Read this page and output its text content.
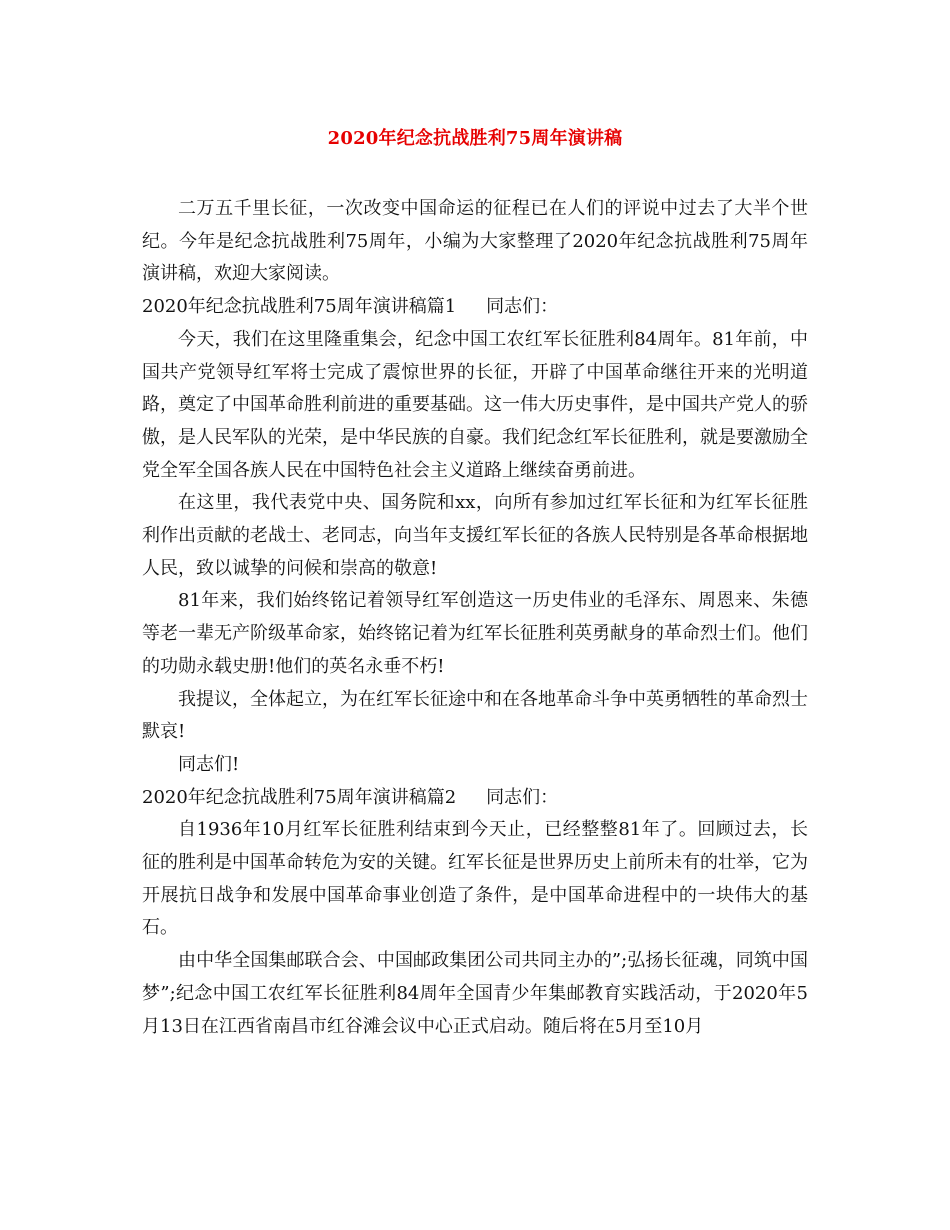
2020年纪念抗战胜利75周年演讲稿

二万五千里长征，一次改变中国命运的征程已在人们的评说中过去了大半个世纪。今年是纪念抗战胜利75周年，小编为大家整理了2020年纪念抗战胜利75周年演讲稿，欢迎大家阅读。

2020年纪念抗战胜利75周年演讲稿篇1 同志们：

今天，我们在这里隆重集会，纪念中国工农红军长征胜利84周年。81年前，中国共产党领导红军将士完成了震惊世界的长征，开辟了中国革命继往开来的光明道路，奠定了中国革命胜利前进的重要基础。这一伟大历史事件，是中国共产党人的骄傲，是人民军队的光荣，是中华民族的自豪。我们纪念红军长征胜利，就是要激励全党全军全国各族人民在中国特色社会主义道路上继续奋勇前进。

在这里，我代表党中央、国务院和xx，向所有参加过红军长征和为红军长征胜利作出贡献的老战士、老同志，向当年支援红军长征的各族人民特别是各革命根据地人民，致以诚挚的问候和崇高的敬意!

81年来，我们始终铭记着领导红军创造这一历史伟业的毛泽东、周恩来、朱德等老一辈无产阶级革命家，始终铭记着为红军长征胜利英勇献身的革命烈士们。他们的功勋永载史册!他们的英名永垂不朽!

我提议，全体起立，为在红军长征途中和在各地革命斗争中英勇牺牲的革命烈士默哀!

同志们!

2020年纪念抗战胜利75周年演讲稿篇2 同志们：

自1936年10月红军长征胜利结束到今天止，已经整整81年了。回顾过去，长征的胜利是中国革命转危为安的关键。红军长征是世界历史上前所未有的壮举，它为开展抗日战争和发展中国革命事业创造了条件，是中国革命进程中的一块伟大的基石。

由中华全国集邮联合会、中国邮政集团公司共同主办的”;弘扬长征魂，同筑中国梦”;纪念中国工农红军长征胜利84周年全国青少年集邮教育实践活动，于2020年5月13日在江西省南昌市红谷滩会议中心正式启动。随后将在5月至10月
